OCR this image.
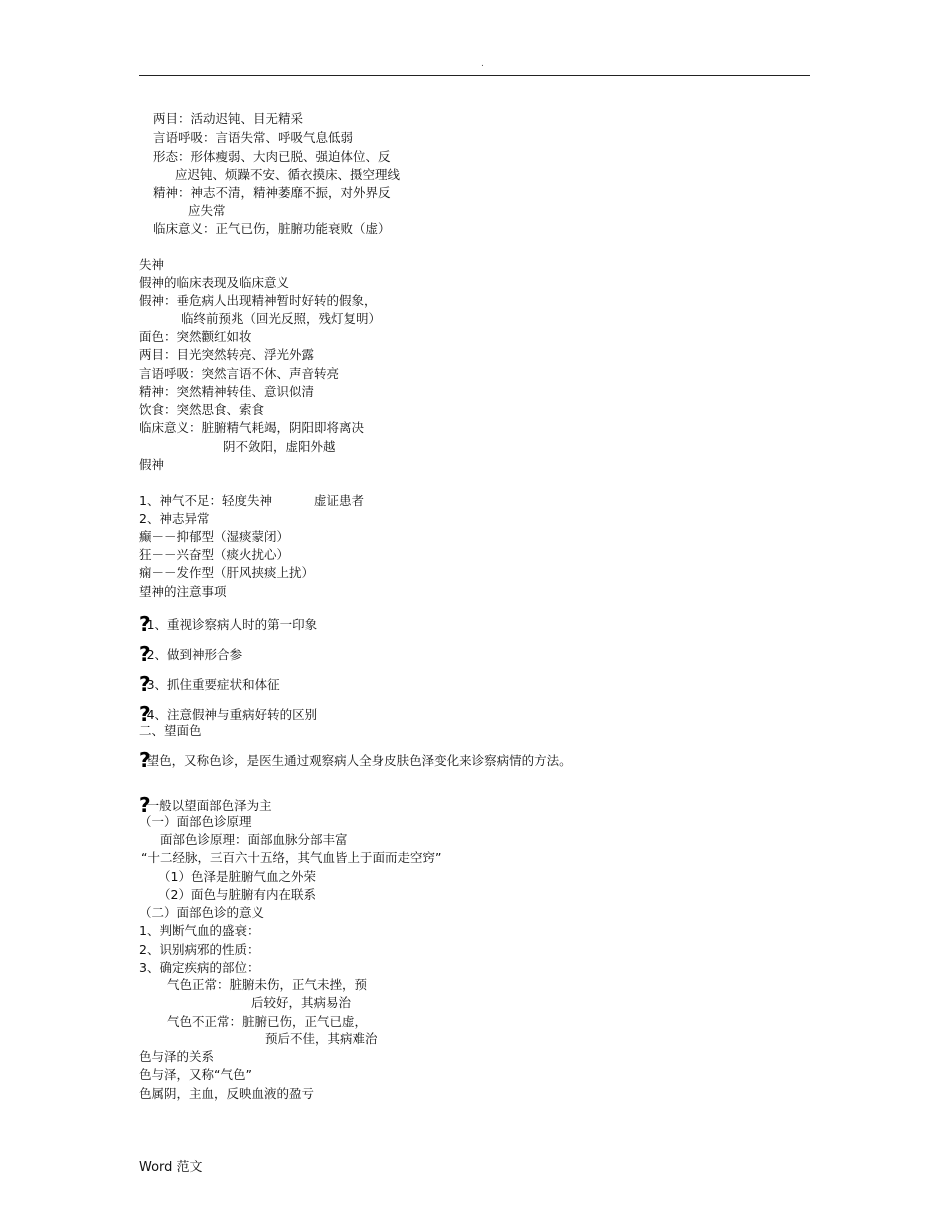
.
两目：活动迟钝、目无精采
言语呼吸：言语失常、呼吸气息低弱
形态：形体瘦弱、大肉已脱、强迫体位、反
应迟钝、烦躁不安、循衣摸床、摄空理线
精神：神志不清，精神萎靡不振，对外界反
应失常
临床意义：正气已伤，脏腑功能衰败（虚）
失神
假神的临床表现及临床意义
假神：垂危病人出现精神暂时好转的假象，
临终前预兆（回光反照，残灯复明）
面色：突然颧红如妆
两目：目光突然转亮、浮光外露
言语呼吸：突然言语不休、声音转亮
精神：突然精神转佳、意识似清
饮食：突然思食、索食
临床意义：脏腑精气耗竭，阴阳即将离决
阴不敛阳，虚阳外越
假神
1、神气不足：轻度失神	虚证患者
2、神志异常
癫－－抑郁型（湿痰蒙闭）
狂－－兴奋型（痰火扰心）
痫－－发作型（肝风挟痰上扰）
望神的注意事项
?1、重视诊察病人时的第一印象
?2、做到神形合参
?3、抓住重要症状和体征
?4、注意假神与重病好转的区别
二、望面色
?望色，又称色诊，是医生通过观察病人全身皮肤色泽变化来诊察病情的方法。
?一般以望面部色泽为主
（一）面部色诊原理
面部色诊原理：面部血脉分部丰富
“十二经脉，三百六十五络，其气血皆上于面而走空窍”
（1）色泽是脏腑气血之外荣
（2）面色与脏腑有内在联系
（二）面部色诊的意义
1、判断气血的盛衰：
2、识别病邪的性质：
3、确定疾病的部位：
气色正常：脏腑未伤，正气未挫，预
后较好，其病易治
气色不正常：脏腑已伤，正气已虚，
预后不佳，其病难治
色与泽的关系
色与泽，又称“气色”
色属阴，主血，反映血液的盈亏
Word 范文
